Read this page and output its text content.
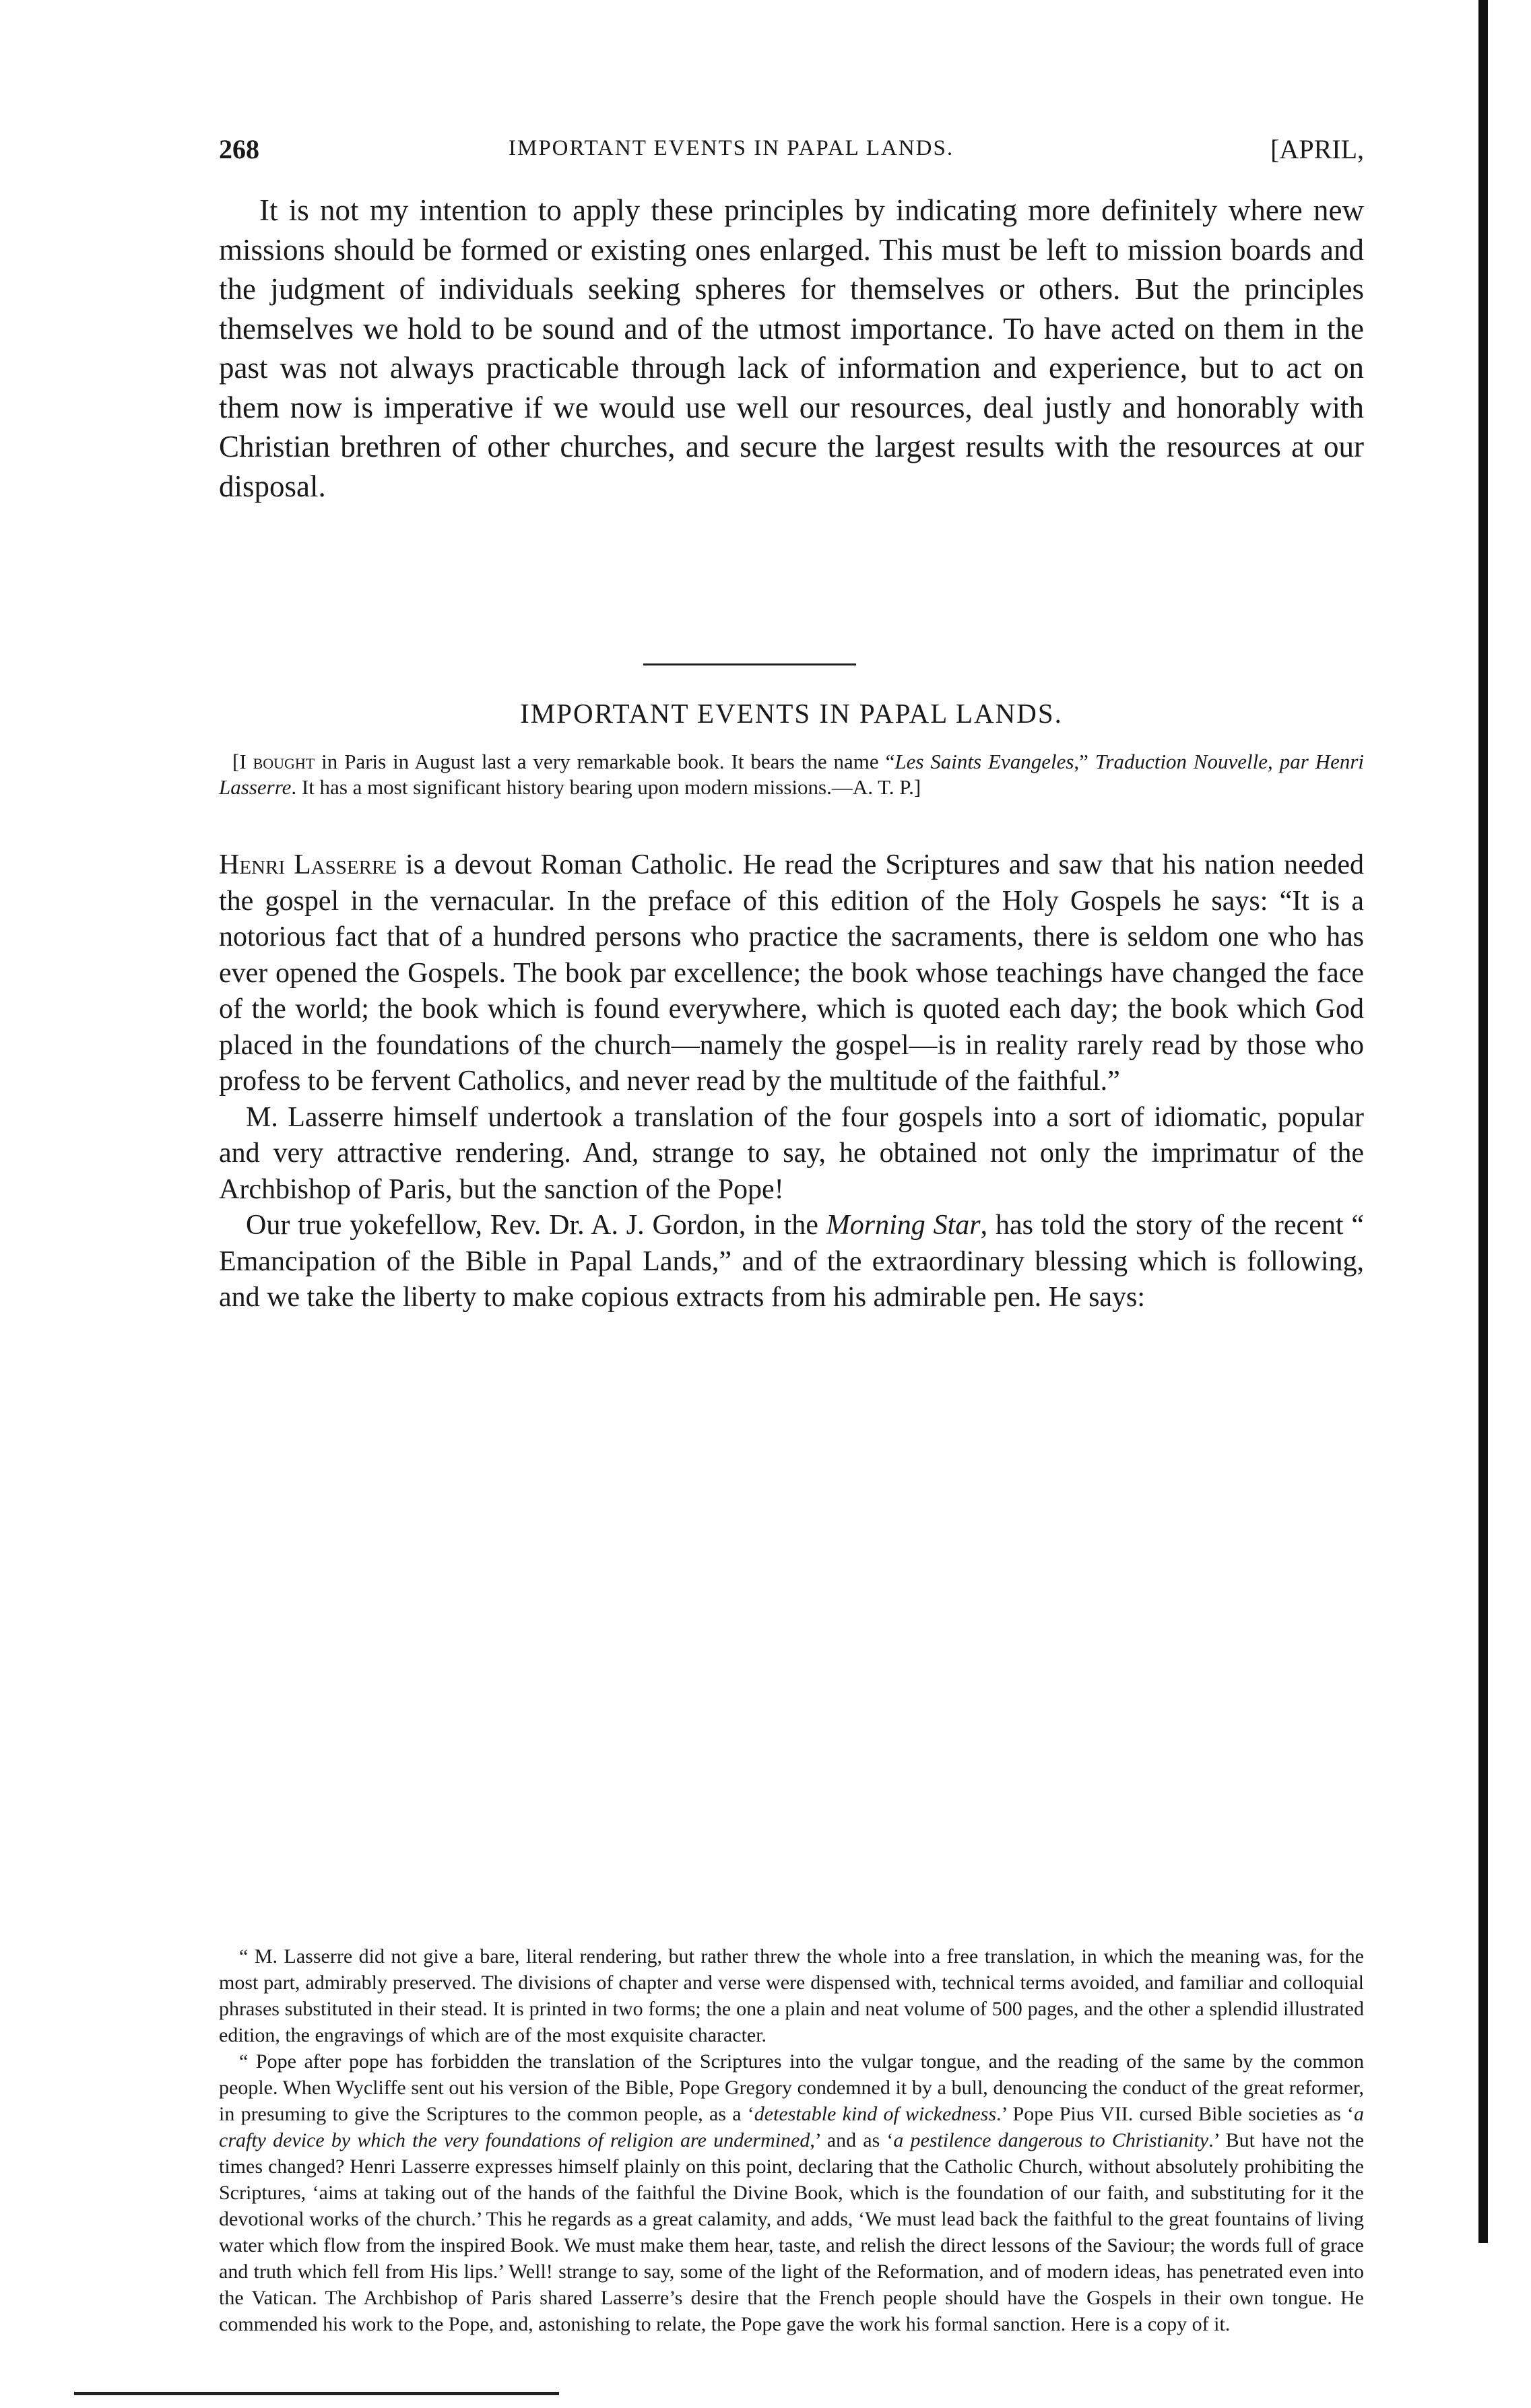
268	IMPORTANT EVENTS IN PAPAL LANDS.	[APRIL,
It is not my intention to apply these principles by indicating more definitely where new missions should be formed or existing ones enlarged. This must be left to mission boards and the judgment of individuals seeking spheres for themselves or others. But the principles themselves we hold to be sound and of the utmost importance. To have acted on them in the past was not always practicable through lack of information and experience, but to act on them now is imperative if we would use well our resources, deal justly and honorably with Christian brethren of other churches, and secure the largest results with the resources at our disposal.
IMPORTANT EVENTS IN PAPAL LANDS.
[I bought in Paris in August last a very remarkable book. It bears the name “Les Saints Evangeles,” Traduction Nouvelle, par Henri Lasserre. It has a most significant history bearing upon modern missions.—A. T. P.]

Henri Lasserre is a devout Roman Catholic. He read the Scriptures and saw that his nation needed the gospel in the vernacular. In the preface of this edition of the Holy Gospels he says: “It is a notorious fact that of a hundred persons who practice the sacraments, there is seldom one who has ever opened the Gospels. The book par excellence; the book whose teachings have changed the face of the world; the book which is found everywhere, which is quoted each day; the book which God placed in the foundations of the church—namely the gospel—is in reality rarely read by those who profess to be fervent Catholics, and never read by the multitude of the faithful.”

M. Lasserre himself undertook a translation of the four gospels into a sort of idiomatic, popular and very attractive rendering. And, strange to say, he obtained not only the imprimatur of the Archbishop of Paris, but the sanction of the Pope!

Our true yokefellow, Rev. Dr. A. J. Gordon, in the Morning Star, has told the story of the recent “ Emancipation of the Bible in Papal Lands,” and of the extraordinary blessing which is following, and we take the liberty to make copious extracts from his admirable pen. He says:

“ M. Lasserre did not give a bare, literal rendering, but rather threw the whole into a free translation, in which the meaning was, for the most part, admirably preserved. The divisions of chapter and verse were dispensed with, technical terms avoided, and familiar and colloquial phrases substituted in their stead. It is printed in two forms; the one a plain and neat volume of 500 pages, and the other a splendid illustrated edition, the engravings of which are of the most exquisite character.

“ Pope after pope has forbidden the translation of the Scriptures into the vulgar tongue, and the reading of the same by the common people. When Wycliffe sent out his version of the Bible, Pope Gregory condemned it by a bull, denouncing the conduct of the great reformer, in presuming to give the Scriptures to the common people, as a ‘detestable kind of wickedness.’ Pope Pius VII. cursed Bible societies as ‘a crafty device by which the very foundations of religion are undermined,’ and as ‘a pestilence dangerous to Christianity.’ But have not the times changed? Henri Lasserre expresses himself plainly on this point, declaring that the Catholic Church, without absolutely prohibiting the Scriptures, ‘aims at taking out of the hands of the faithful the Divine Book, which is the foundation of our faith, and substituting for it the devotional works of the church.’ This he regards as a great calamity, and adds, ‘We must lead back the faithful to the great fountains of living water which flow from the inspired Book. We must make them hear, taste, and relish the direct lessons of the Saviour; the words full of grace and truth which fell from His lips.’ Well! strange to say, some of the light of the Reformation, and of modern ideas, has penetrated even into the Vatican. The Archbishop of Paris shared Lasserre’s desire that the French people should have the Gospels in their own tongue. He commended his work to the Pope, and, astonishing to relate, the Pope gave the work his formal sanction. Here is a copy of it.
